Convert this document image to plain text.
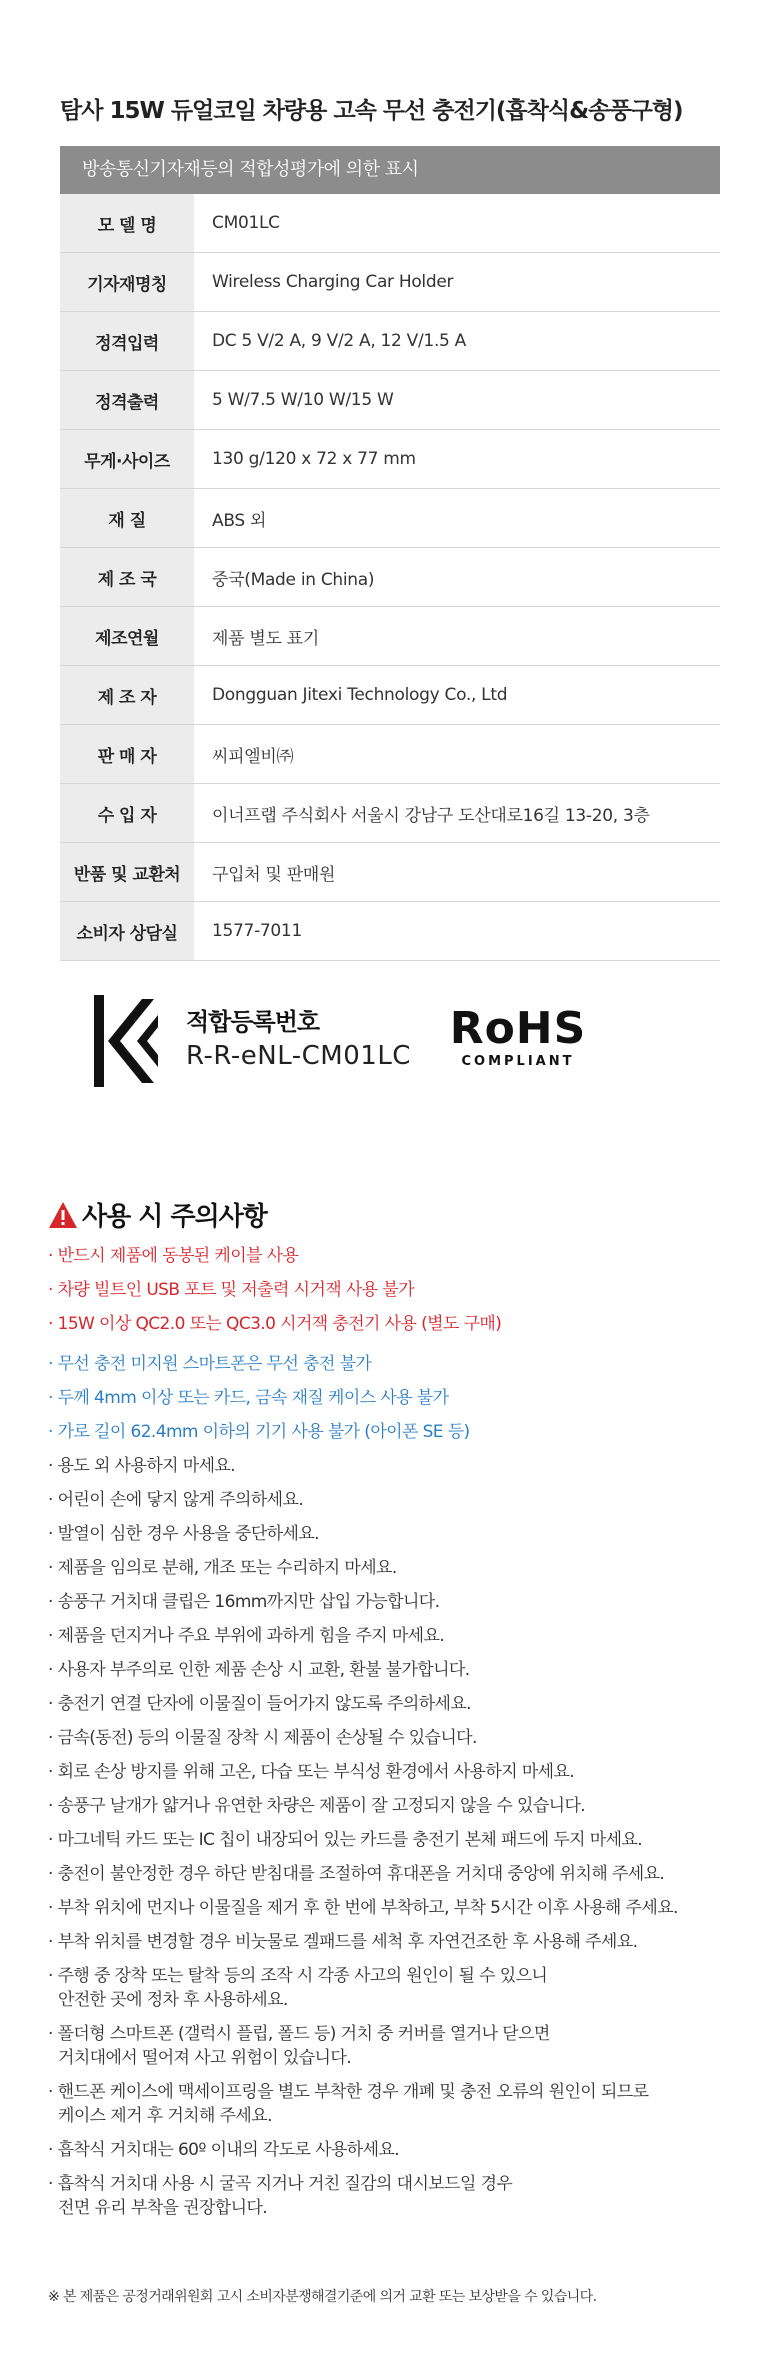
탐사 15W 듀얼코일 차량용 고속 무선 충전기(흡착식&송풍구형)
방송통신기자재등의 적합성평가에 의한 표시
모 델 명	CM01LC
기자재명칭	Wireless Charging Car Holder
정격입력	DC 5 V/2 A, 9 V/2 A, 12 V/1.5 A
정격출력	5 W/7.5 W/10 W/15 W
무게·사이즈	130 g/120 x 72 x 77 mm
재 질	ABS 외
제 조 국	중국(Made in China)
제조연월	제품 별도 표기
제 조 자	Dongguan Jitexi Technology Co., Ltd
판 매 자	씨피엘비㈜
수 입 자	이너프랩 주식회사 서울시 강남구 도산대로16길 13-20, 3층
반품 및 교환처	구입처 및 판매원
소비자 상담실	1577-7011
적합등록번호
R-R-eNL-CM01LC
RoHS
COMPLIANT
사용 시 주의사항
· 반드시 제품에 동봉된 케이블 사용
· 차량 빌트인 USB 포트 및 저출력 시거잭 사용 불가
· 15W 이상 QC2.0 또는 QC3.0 시거잭 충전기 사용 (별도 구매)
· 무선 충전 미지원 스마트폰은 무선 충전 불가
· 두께 4mm 이상 또는 카드, 금속 재질 케이스 사용 불가
· 가로 길이 62.4mm 이하의 기기 사용 불가 (아이폰 SE 등)
· 용도 외 사용하지 마세요.
· 어린이 손에 닿지 않게 주의하세요.
· 발열이 심한 경우 사용을 중단하세요.
· 제품을 임의로 분해, 개조 또는 수리하지 마세요.
· 송풍구 거치대 클립은 16mm까지만 삽입 가능합니다.
· 제품을 던지거나 주요 부위에 과하게 힘을 주지 마세요.
· 사용자 부주의로 인한 제품 손상 시 교환, 환불 불가합니다.
· 충전기 연결 단자에 이물질이 들어가지 않도록 주의하세요.
· 금속(동전) 등의 이물질 장착 시 제품이 손상될 수 있습니다.
· 회로 손상 방지를 위해 고온, 다습 또는 부식성 환경에서 사용하지 마세요.
· 송풍구 날개가 얇거나 유연한 차량은 제품이 잘 고정되지 않을 수 있습니다.
· 마그네틱 카드 또는 IC 칩이 내장되어 있는 카드를 충전기 본체 패드에 두지 마세요.
· 충전이 불안정한 경우 하단 받침대를 조절하여 휴대폰을 거치대 중앙에 위치해 주세요.
· 부착 위치에 먼지나 이물질을 제거 후 한 번에 부착하고, 부착 5시간 이후 사용해 주세요.
· 부착 위치를 변경할 경우 비눗물로 겔패드를 세척 후 자연건조한 후 사용해 주세요.
· 주행 중 장착 또는 탈착 등의 조작 시 각종 사고의 원인이 될 수 있으니
안전한 곳에 정차 후 사용하세요.
· 폴더형 스마트폰 (갤럭시 플립, 폴드 등) 거치 중 커버를 열거나 닫으면
거치대에서 떨어져 사고 위험이 있습니다.
· 핸드폰 케이스에 맥세이프링을 별도 부착한 경우 개폐 및 충전 오류의 원인이 되므로
케이스 제거 후 거치해 주세요.
· 흡착식 거치대는 60º 이내의 각도로 사용하세요.
· 흡착식 거치대 사용 시 굴곡 지거나 거친 질감의 대시보드일 경우
전면 유리 부착을 권장합니다.
※ 본 제품은 공정거래위원회 고시 소비자분쟁해결기준에 의거 교환 또는 보상받을 수 있습니다.
